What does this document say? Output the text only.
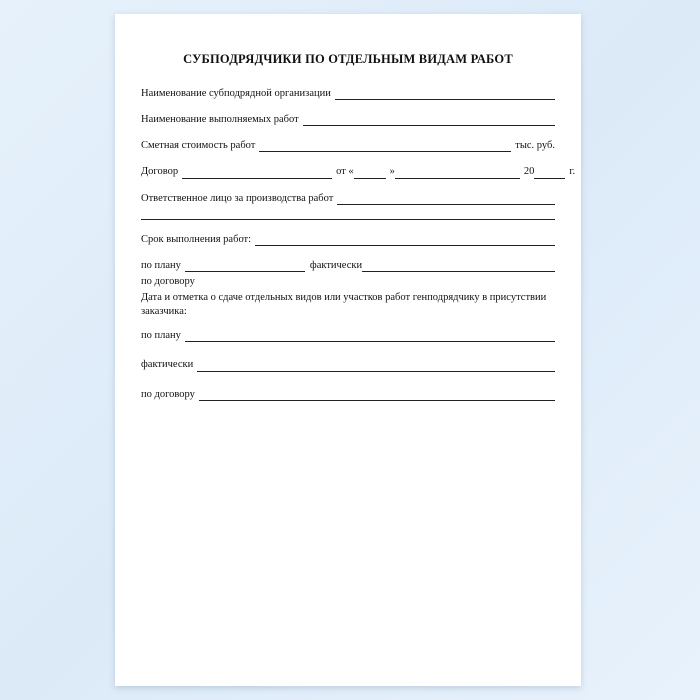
СУБПОДРЯДЧИКИ ПО ОТДЕЛЬНЫМ ВИДАМ РАБОТ
Наименование субподрядной организации
Наименование выполняемых работ
Сметная стоимость работ	тыс. руб.
Договор	от «	»	20	г.
Ответственное лицо за производства работ
Срок выполнения работ:
по плану	фактически
по договору
Дата и отметка о сдаче отдельных видов или участков работ генподрядчику в присутствии заказчика:
по плану
фактически
по договору
